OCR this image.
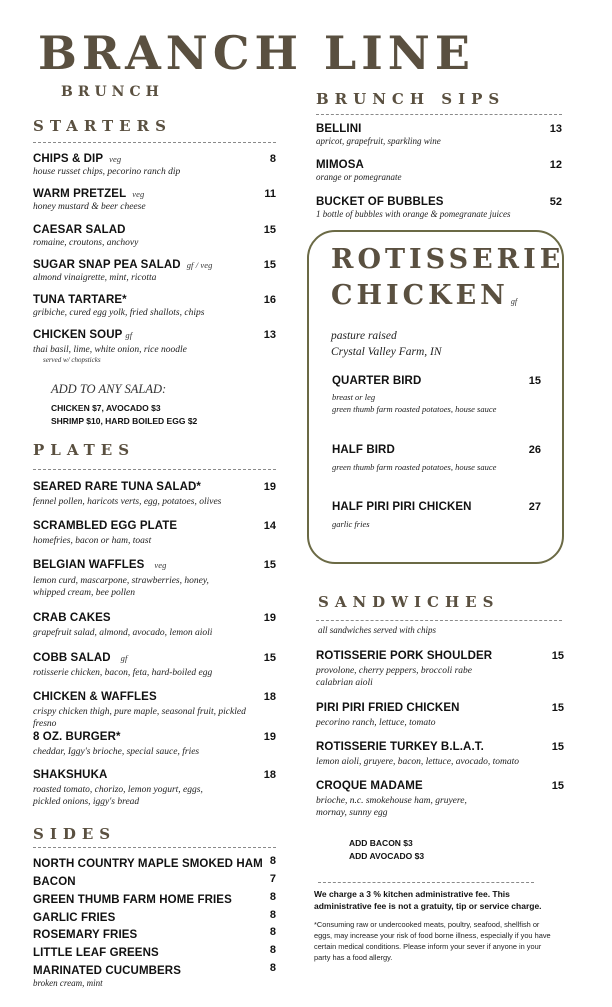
BRANCH LINE
BRUNCH
STARTERS
CHIPS & DIP veg	8
house russet chips, pecorino ranch dip
WARM PRETZEL veg	11
honey mustard & beer cheese
CAESAR SALAD	15
romaine, croutons, anchovy
SUGAR SNAP PEA SALAD gf / veg	15
almond vinaigrette, mint, ricotta
TUNA TARTARE*	16
gribiche, cured egg yolk, fried shallots, chips
CHICKEN SOUP gf	13
thai basil, lime, white onion, rice noodle
served w/ chopsticks
ADD TO ANY SALAD:
CHICKEN $7, AVOCADO $3
SHRIMP $10, HARD BOILED EGG $2
PLATES
SEARED RARE TUNA SALAD*	19
fennel pollen, haricots verts, egg, potatoes, olives
SCRAMBLED EGG PLATE	14
homefries, bacon or ham, toast
BELGIAN WAFFLES veg	15
lemon curd, mascarpone, strawberries, honey,
whipped cream, bee pollen
CRAB CAKES	19
grapefruit salad, almond, avocado, lemon aioli
COBB SALAD gf	15
rotisserie chicken, bacon, feta, hard-boiled egg
CHICKEN & WAFFLES	18
crispy chicken thigh, pure maple, seasonal fruit, pickled
fresno
8 OZ. BURGER*	19
cheddar, Iggy's brioche, special sauce, fries
SHAKSHUKA	18
roasted tomato, chorizo, lemon yogurt, eggs,
pickled onions, iggy's bread
SIDES
NORTH COUNTRY MAPLE SMOKED HAM 8
BACON	7
GREEN THUMB FARM HOME FRIES	8
GARLIC FRIES	8
ROSEMARY FRIES	8
LITTLE LEAF GREENS	8
MARINATED CUCUMBERS	8
broken cream, mint
BRUNCH SIPS
BELLINI	13
apricot, grapefruit, sparkling wine
MIMOSA	12
orange or pomegranate
BUCKET OF BUBBLES	52
1 bottle of bubbles with orange & pomegranate juices
ROTISSERIE
CHICKEN gf
pasture raised
Crystal Valley Farm, IN
QUARTER BIRD	15
breast or leg
green thumb farm roasted potatoes, house sauce
HALF BIRD	26
green thumb farm roasted potatoes, house sauce
HALF PIRI PIRI CHICKEN	27
garlic fries
SANDWICHES
all sandwiches served with chips
ROTISSERIE PORK SHOULDER	15
provolone, cherry peppers, broccoli rabe
calabrian aioli
PIRI PIRI FRIED CHICKEN	15
pecorino ranch, lettuce, tomato
ROTISSERIE TURKEY B.L.A.T.	15
lemon aioli, gruyere, bacon, lettuce, avocado, tomato
CROQUE MADAME	15
brioche, n.c. smokehouse ham, gruyere,
mornay, sunny egg
ADD BACON $3
ADD AVOCADO $3
We charge a 3 % kitchen administrative fee. This administrative fee is not a gratuity, tip or service charge.
*Consuming raw or undercooked meats, poultry, seafood, shellfish or eggs, may increase your risk of food borne illness, especially if you have certain medical conditions. Please inform your sever if anyone in your party has a food allergy.
